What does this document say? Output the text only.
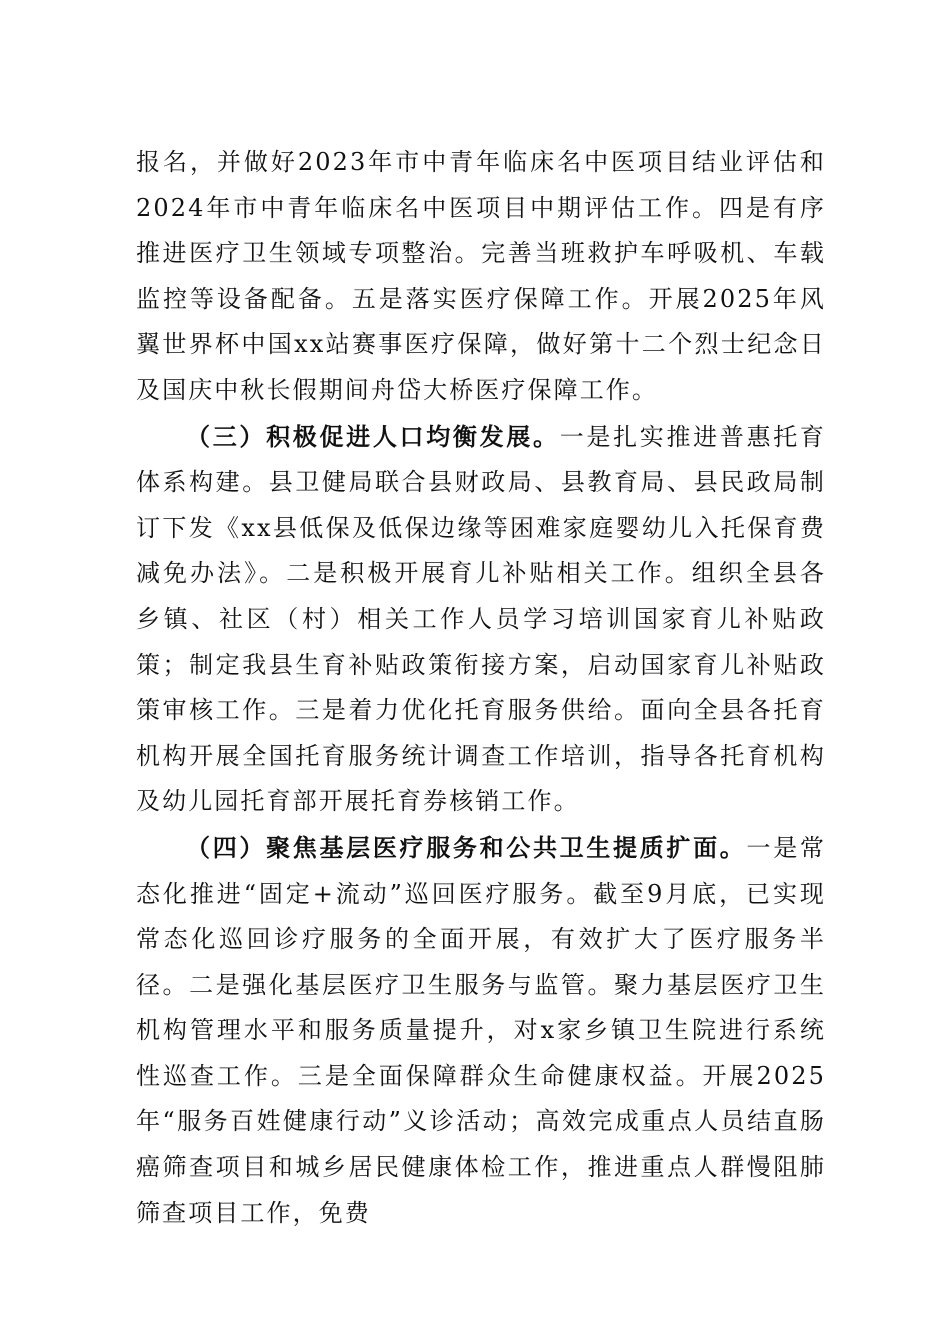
报名，并做好2023年市中青年临床名中医项目结业评估和2024年市中青年临床名中医项目中期评估工作。四是有序推进医疗卫生领域专项整治。完善当班救护车呼吸机、车载监控等设备配备。五是落实医疗保障工作。开展2025年风翼世界杯中国xx站赛事医疗保障，做好第十二个烈士纪念日及国庆中秋长假期间舟岱大桥医疗保障工作。

（三）积极促进人口均衡发展。一是扎实推进普惠托育体系构建。县卫健局联合县财政局、县教育局、县民政局制订下发《xx县低保及低保边缘等困难家庭婴幼儿入托保育费减免办法》。二是积极开展育儿补贴相关工作。组织全县各乡镇、社区（村）相关工作人员学习培训国家育儿补贴政策；制定我县生育补贴政策衔接方案，启动国家育儿补贴政策审核工作。三是着力优化托育服务供给。面向全县各托育机构开展全国托育服务统计调查工作培训，指导各托育机构及幼儿园托育部开展托育券核销工作。

（四）聚焦基层医疗服务和公共卫生提质扩面。一是常态化推进“固定+流动”巡回医疗服务。截至9月底，已实现常态化巡回诊疗服务的全面开展，有效扩大了医疗服务半径。二是强化基层医疗卫生服务与监管。聚力基层医疗卫生机构管理水平和服务质量提升，对x家乡镇卫生院进行系统性巡查工作。三是全面保障群众生命健康权益。开展2025年“服务百姓健康行动”义诊活动；高效完成重点人员结直肠癌筛查项目和城乡居民健康体检工作，推进重点人群慢阻肺筛查项目工作，免费
